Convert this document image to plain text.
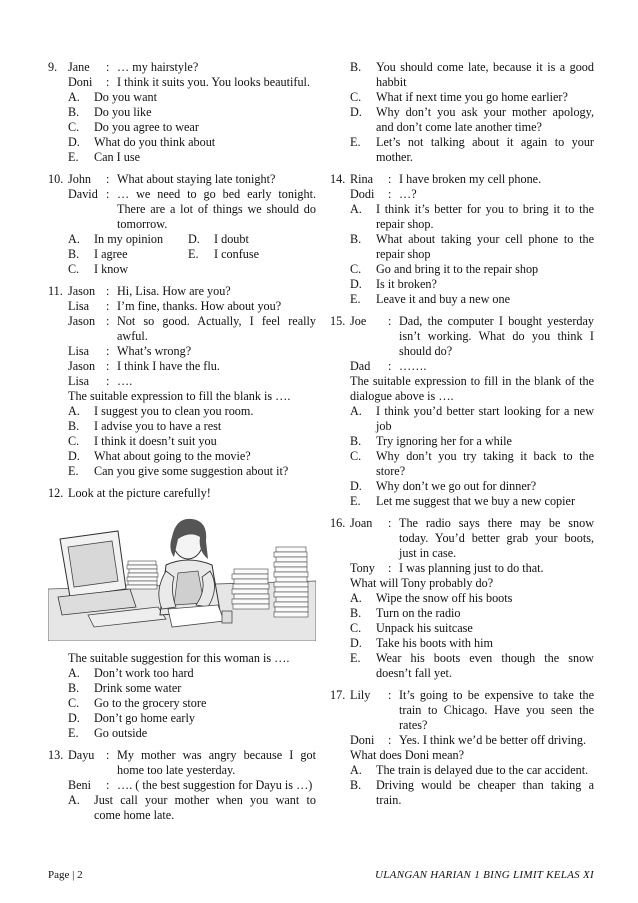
9. Jane	: … my hairstyle?
Doni	: I think it suits you. You looks beautiful.
A.	Do you want
B.	Do you like
C.	Do you agree to wear
D.	What do you think about
E.	Can I use
10. John	: What about staying late tonight?
David : … we need to go bed early tonight. There are a lot of things we should do tomorrow.
A.	In my opinion D.	I doubt
B.	I agree	E.	I confuse
C.	I know
11. Jason : Hi, Lisa. How are you?
Lisa	: I’m fine, thanks. How about you?
Jason : Not so good. Actually, I feel really awful.
Lisa	: What’s wrong?
Jason : I think I have the flu.
Lisa	: ….
The suitable expression to fill the blank is ….
A.	I suggest you to clean you room.
B.	I advise you to have a rest
C.	I think it doesn’t suit you
D.	What about going to the movie?
E.	Can you give some suggestion about it?
12. Look at the picture carefully!
The suitable suggestion for this woman is ….
A.	Don’t work too hard
B.	Drink some water
C.	Go to the grocery store
D.	Don’t go home early
E.	Go outside
13. Dayu : My mother was angry because I got home too late yesterday.
Beni	: …. ( the best suggestion for Dayu is …)
A.	Just call your mother when you want to come home late.
B.	You should come late, because it is a good habbit
C.	What if next time you go home earlier?
D.	Why don’t you ask your mother apology, and don’t come late another time?
E.	Let’s not talking about it again to your mother.
14. Rina	: I have broken my cell phone.
Dodi	: …?
A.	I think it’s better for you to bring it to the repair shop.
B.	What about taking your cell phone to the repair shop
C.	Go and bring it to the repair shop
D.	Is it broken?
E.	Leave it and buy a new one
15. Joe	: Dad, the computer I bought yesterday isn’t working. What do you think I should do?
Dad	: …….
The suitable expression to fill in the blank of the dialogue above is ….
A.	I think you’d better start looking for a new job
B.	Try ignoring her for a while
C.	Why don’t you try taking it back to the store?
D.	Why don’t we go out for dinner?
E.	Let me suggest that we buy a new copier
16. Joan	: The radio says there may be snow today. You’d better grab your boots, just in case.
Tony	: I was planning just to do that.
What will Tony probably do?
A.	Wipe the snow off his boots
B.	Turn on the radio
C.	Unpack his suitcase
D.	Take his boots with him
E.	Wear his boots even though the snow doesn’t fall yet.
17. Lily	: It’s going to be expensive to take the train to Chicago. Have you seen the rates?
Doni	: Yes. I think we’d be better off driving.
What does Doni mean?
A.	The train is delayed due to the car accident.
B.	Driving would be cheaper than taking a train.
Page | 2	ULANGAN HARIAN 1 BING LIMIT KELAS XI
